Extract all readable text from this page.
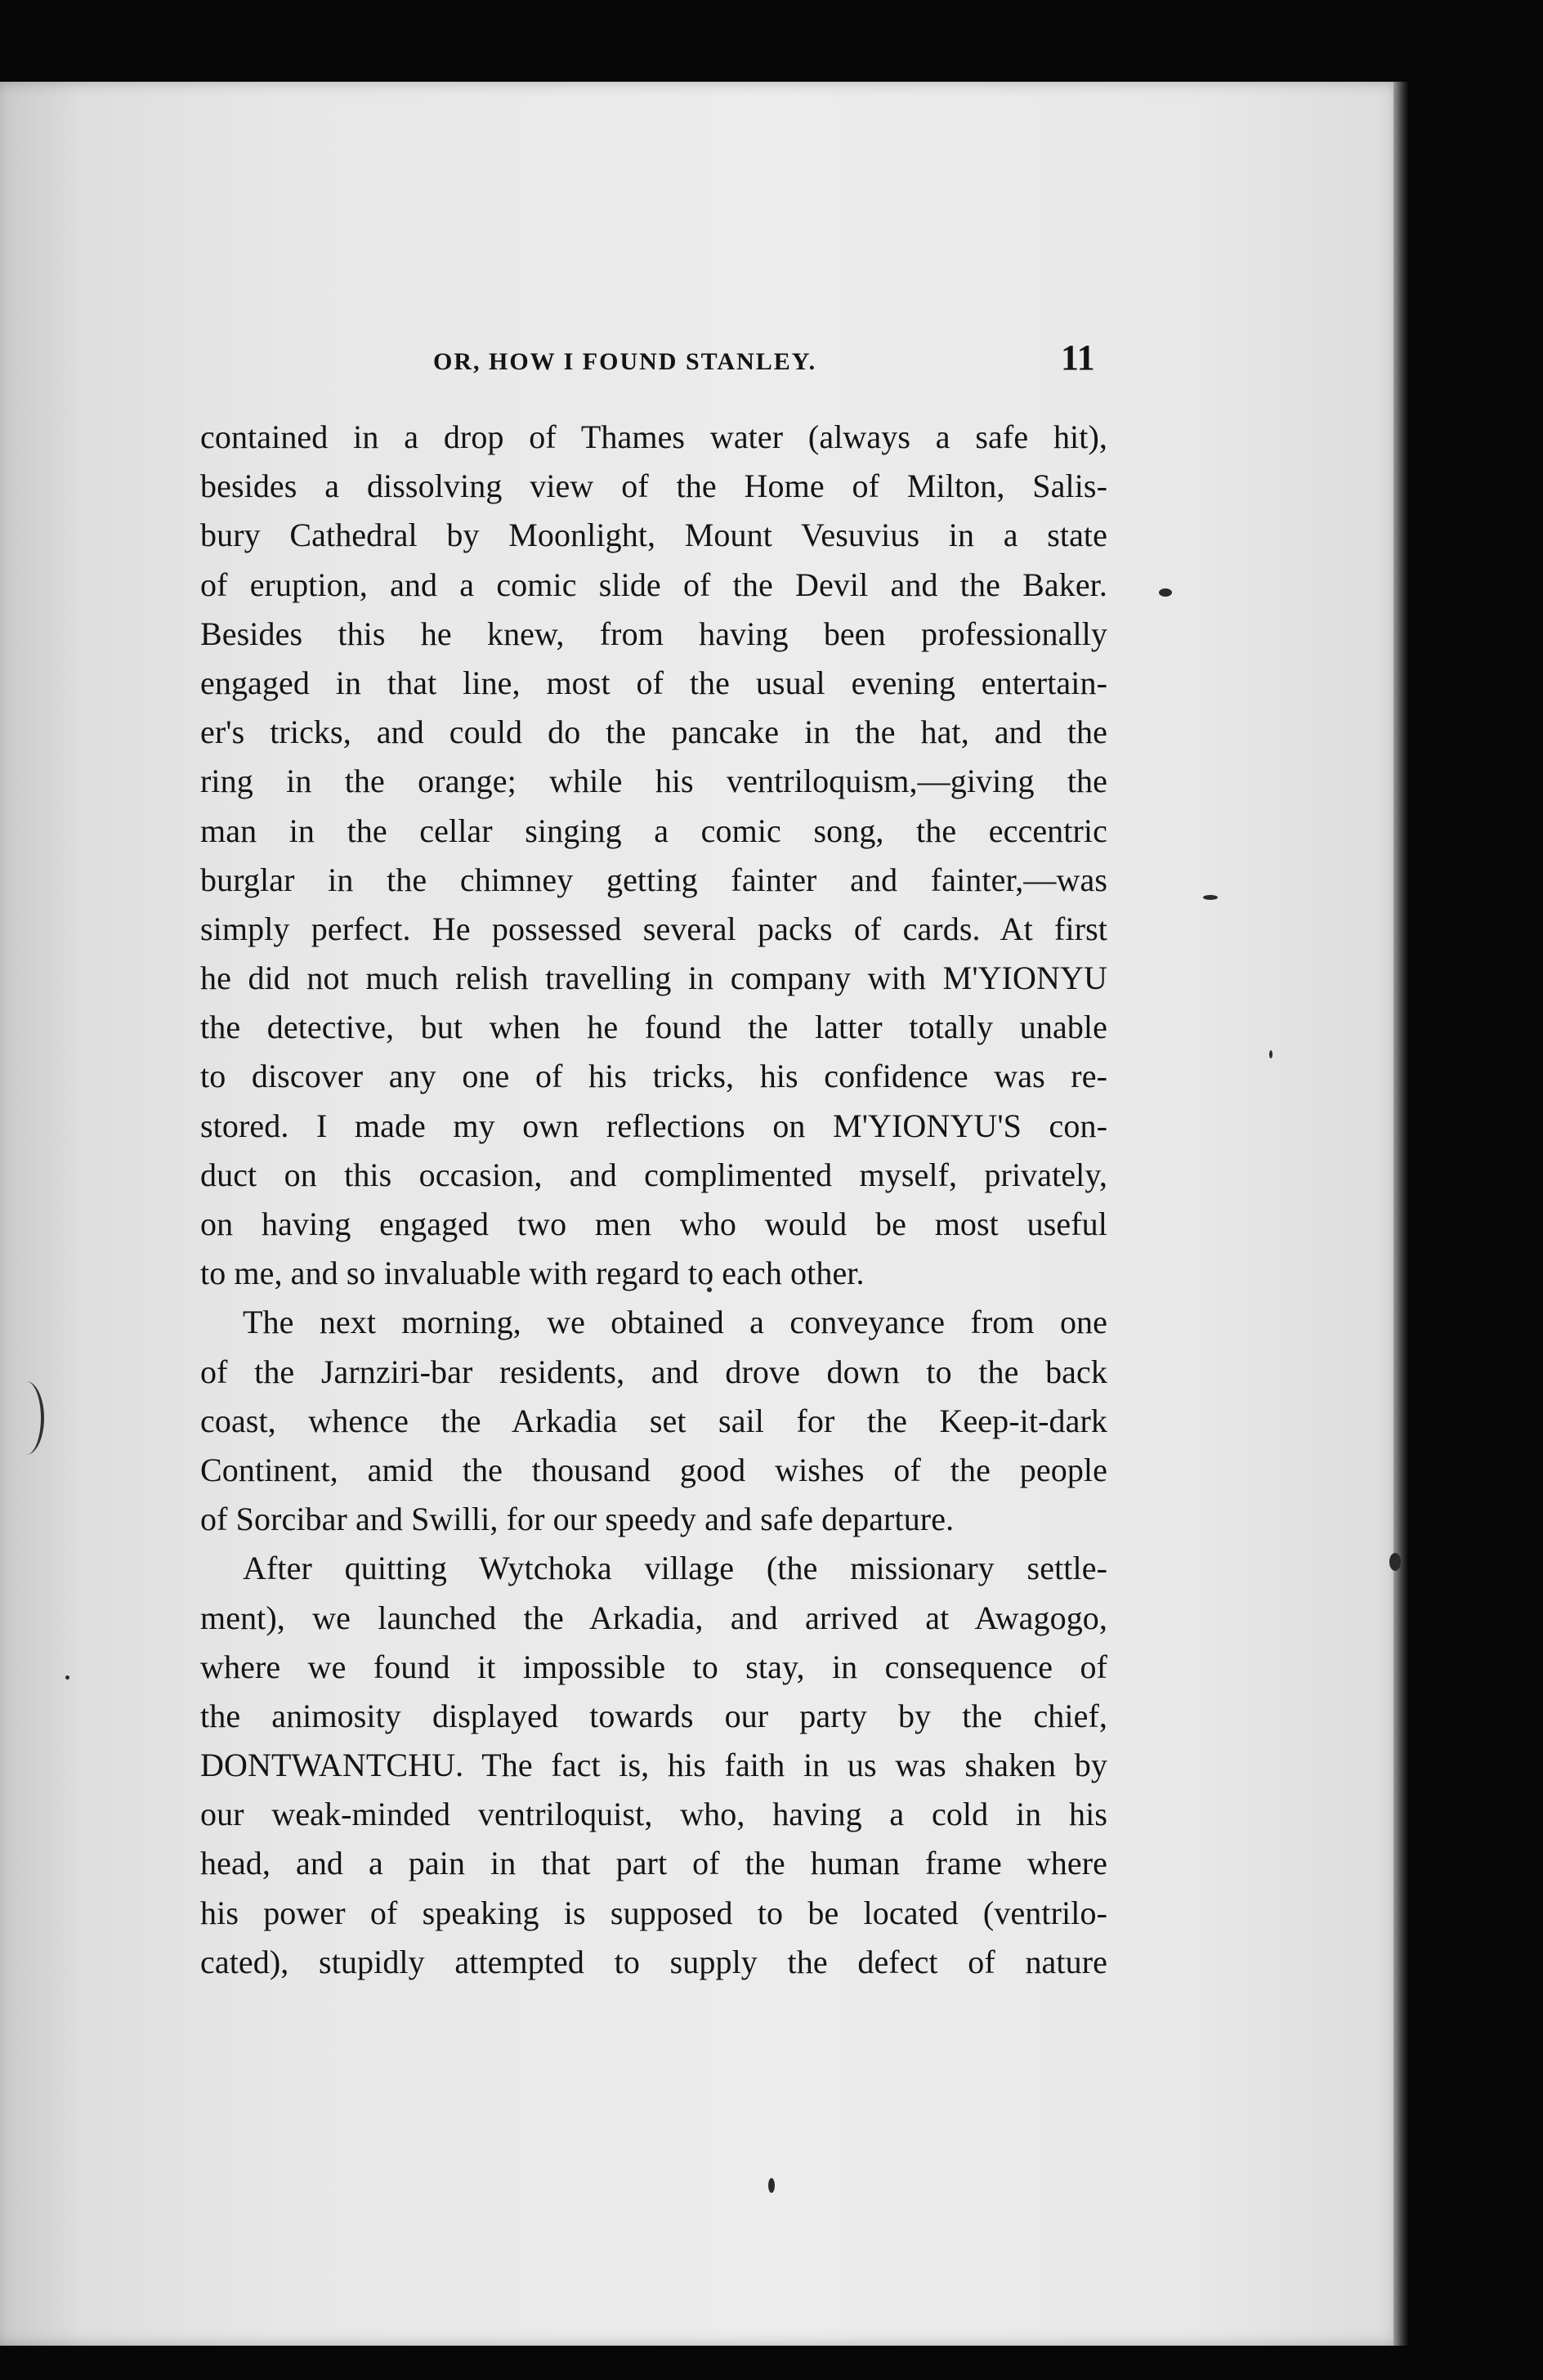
OR, HOW I FOUND STANLEY.	11
contained in a drop of Thames water (always a safe hit),
besides a dissolving view of the Home of Milton, Salis-
bury Cathedral by Moonlight, Mount Vesuvius in a state
of eruption, and a comic slide of the Devil and the Baker.
Besides this he knew, from having been professionally
engaged in that line, most of the usual evening entertain-
er's tricks, and could do the pancake in the hat, and the
ring in the orange; while his ventriloquism,—giving the
man in the cellar singing a comic song, the eccentric
burglar in the chimney getting fainter and fainter,—was
simply perfect. He possessed several packs of cards. At first
he did not much relish travelling in company with M'YIONYU
the detective, but when he found the latter totally unable
to discover any one of his tricks, his confidence was re-
stored. I made my own reflections on M'YIONYU'S con-
duct on this occasion, and complimented myself, privately,
on having engaged two men who would be most useful
to me, and so invaluable with regard to each other.
The next morning, we obtained a conveyance from one
of the Jarnziri-bar residents, and drove down to the back
coast, whence the Arkadia set sail for the Keep-it-dark
Continent, amid the thousand good wishes of the people
of Sorcibar and Swilli, for our speedy and safe departure.
After quitting Wytchoka village (the missionary settle-
ment), we launched the Arkadia, and arrived at Awagogo,
where we found it impossible to stay, in consequence of
the animosity displayed towards our party by the chief,
DONTWANTCHU. The fact is, his faith in us was shaken by
our weak-minded ventriloquist, who, having a cold in his
head, and a pain in that part of the human frame where
his power of speaking is supposed to be located (ventrilo-
cated), stupidly attempted to supply the defect of nature
